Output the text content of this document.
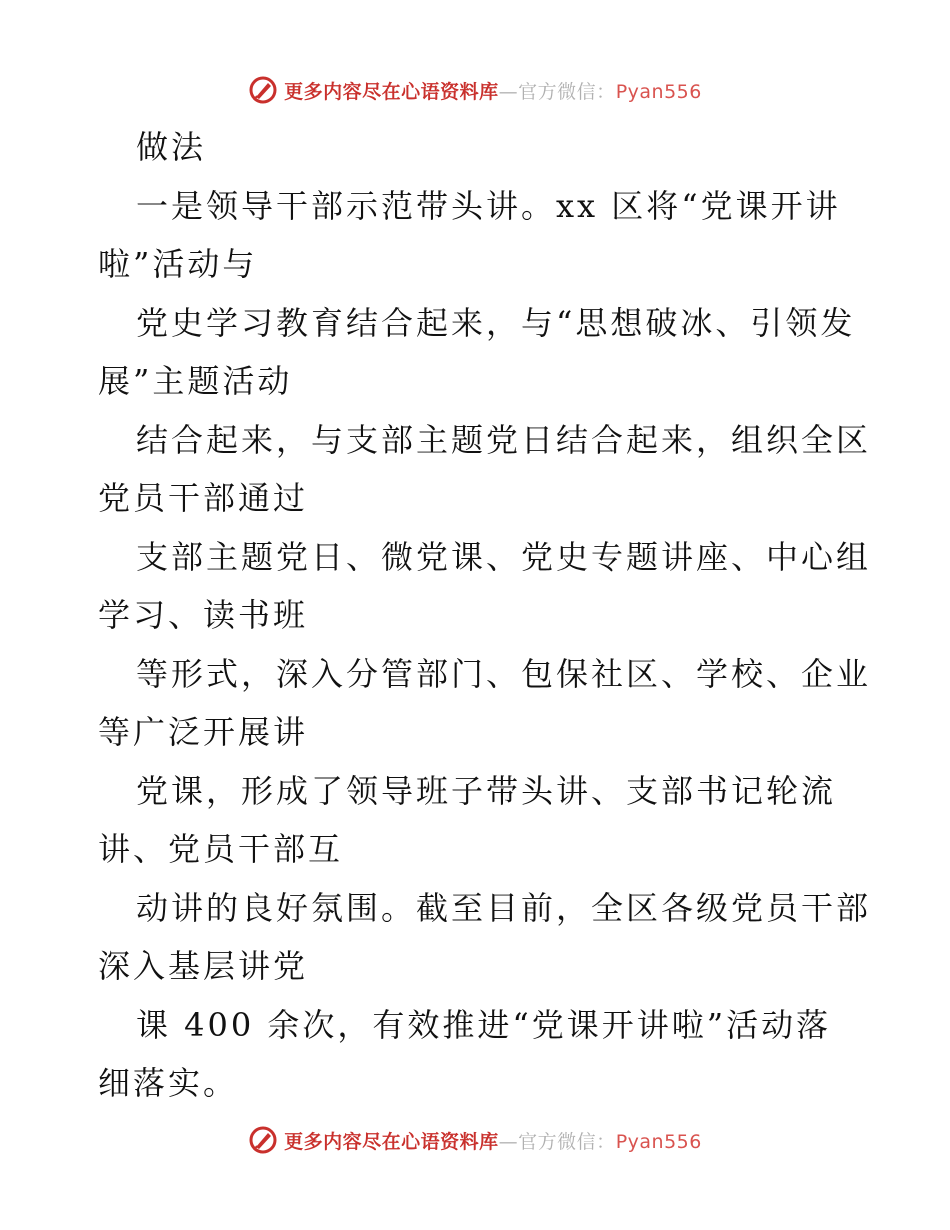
更多内容尽在心语资料库—官方微信：Pyan556
做法
一是领导干部示范带头讲。xx 区将“党课开讲
啦”活动与
党史学习教育结合起来，与“思想破冰、引领发
展”主题活动
结合起来，与支部主题党日结合起来，组织全区
党员干部通过
支部主题党日、微党课、党史专题讲座、中心组
学习、读书班
等形式，深入分管部门、包保社区、学校、企业
等广泛开展讲
党课，形成了领导班子带头讲、支部书记轮流
讲、党员干部互
动讲的良好氛围。截至目前，全区各级党员干部
深入基层讲党
课 400 余次，有效推进“党课开讲啦”活动落
细落实。
更多内容尽在心语资料库—官方微信：Pyan556
